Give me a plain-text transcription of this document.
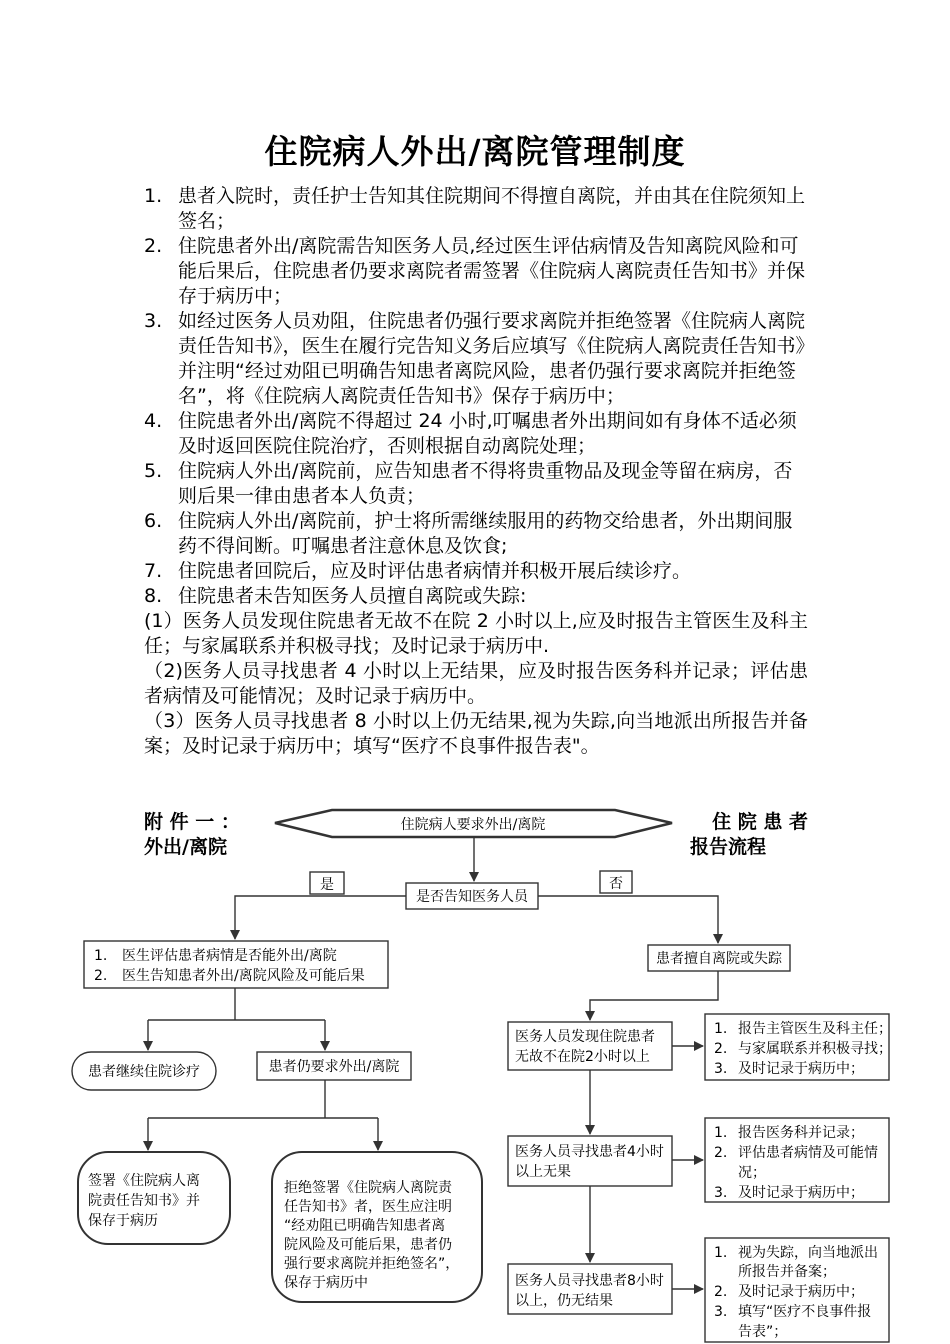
住院病人外出/离院管理制度
1. 患者入院时，责任护士告知其住院期间不得擅自离院，并由其在住院须知上签名；
2. 住院患者外出/离院需告知医务人员,经过医生评估病情及告知离院风险和可能后果后，住院患者仍要求离院者需签署《住院病人离院责任告知书》并保存于病历中；
3. 如经过医务人员劝阻，住院患者仍强行要求离院并拒绝签署《住院病人离院责任告知书》，医生在履行完告知义务后应填写《住院病人离院责任告知书》并注明“经过劝阻已明确告知患者离院风险，患者仍强行要求离院并拒绝签名”，将《住院病人离院责任告知书》保存于病历中；
4. 住院患者外出/离院不得超过 24 小时,叮嘱患者外出期间如有身体不适必须及时返回医院住院治疗，否则根据自动离院处理；
5. 住院病人外出/离院前，应告知患者不得将贵重物品及现金等留在病房，否则后果一律由患者本人负责；
6. 住院病人外出/离院前，护士将所需继续服用的药物交给患者，外出期间服药不得间断。叮嘱患者注意休息及饮食;
7. 住院患者回院后，应及时评估患者病情并积极开展后续诊疗。
8. 住院患者未告知医务人员擅自离院或失踪:
(1）医务人员发现住院患者无故不在院 2 小时以上,应及时报告主管医生及科主任；与家属联系并积极寻找；及时记录于病历中.
（2)医务人员寻找患者 4 小时以上无结果，应及时报告医务科并记录；评估患者病情及可能情况；及时记录于病历中。
（3）医务人员寻找患者 8 小时以上仍无结果,视为失踪,向当地派出所报告并备案；及时记录于病历中；填写“医疗不良事件报告表"。
附 件 一 ：
外出/离院
住 院 患 者
报告流程
住院病人要求外出/离院
是否告知医务人员
是	否
1. 医生评估患者病情是否能外出/离院
2. 医生告知患者外出/离院风险及可能后果
患者继续住院诊疗	患者仍要求外出/离院
签署《住院病人离
院责任告知书》并
保存于病历
拒绝签署《住院病人离院责
任告知书》者，医生应注明
“经劝阻已明确告知患者离
院风险及可能后果，患者仍
强行要求离院并拒绝签名”，
保存于病历中
患者擅自离院或失踪
医务人员发现住院患者
无故不在院2小时以上
1. 报告主管医生及科主任；
2. 与家属联系并积极寻找；
3. 及时记录于病历中；
医务人员寻找患者4小时
以上无果
1. 报告医务科并记录；
2. 评估患者病情及可能情
况；
3. 及时记录于病历中；
医务人员寻找患者8小时
以上，仍无结果
1. 视为失踪，向当地派出
所报告并备案；
2. 及时记录于病历中；
3. 填写“医疗不良事件报
告表”；
